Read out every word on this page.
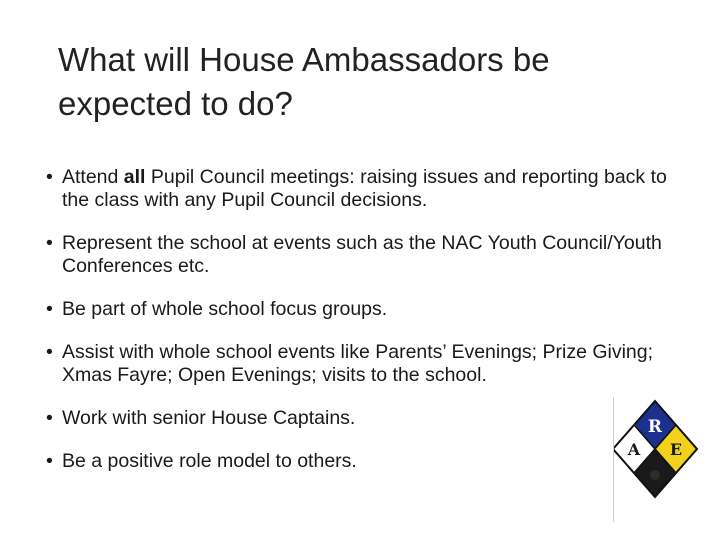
What will House Ambassadors be expected to do?
• Attend all Pupil Council meetings: raising issues and reporting back to the class with any Pupil Council decisions.
• Represent the school at events such as the NAC Youth Council/Youth Conferences etc.
• Be part of whole school focus groups.
• Assist with whole school events like Parents’ Evenings; Prize Giving; Xmas Fayre; Open Evenings; visits to the school.
• Work with senior House Captains.
• Be a positive role model to others.
R
A E
